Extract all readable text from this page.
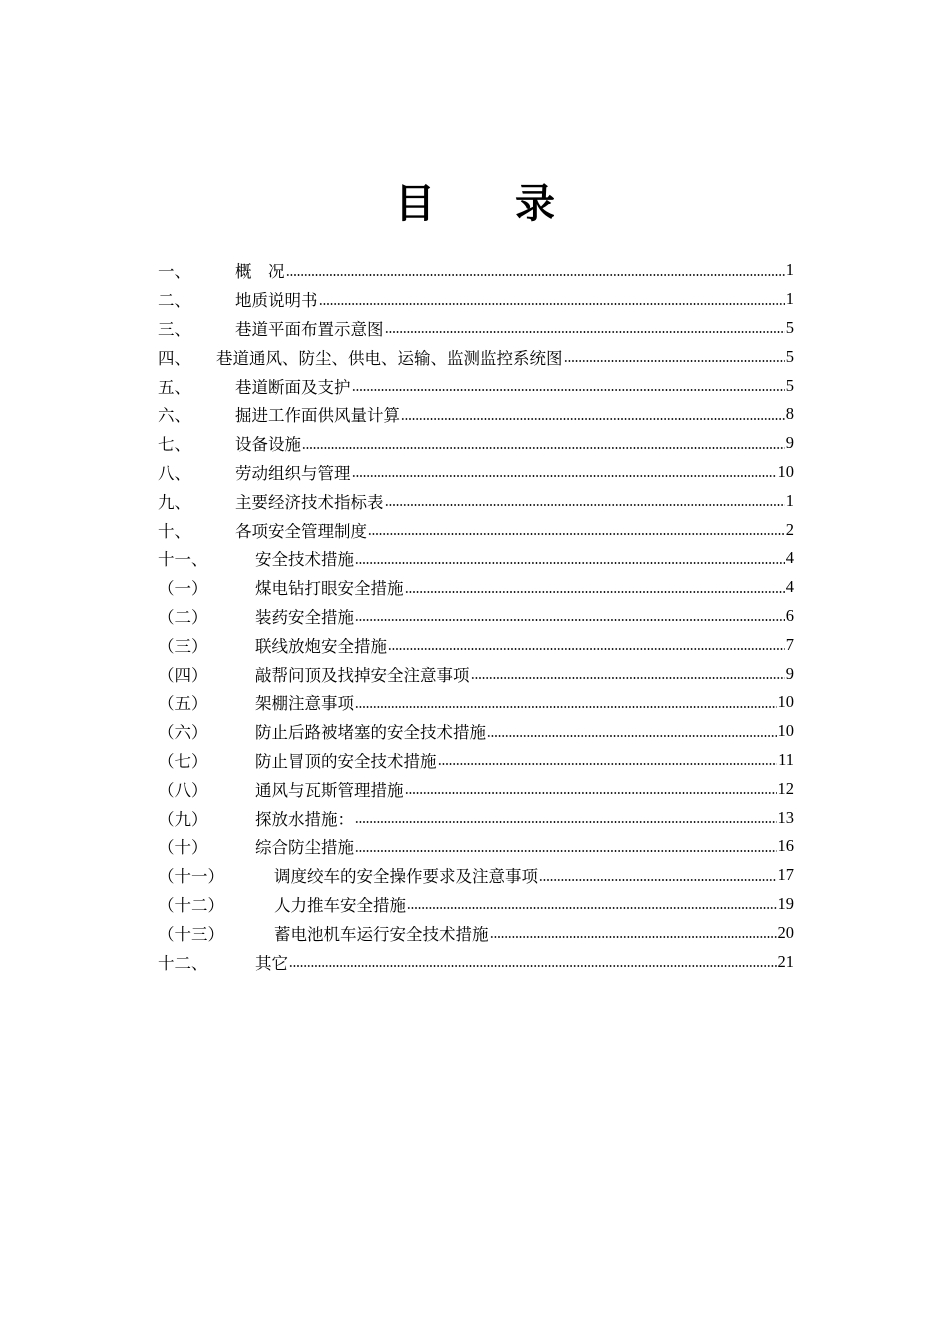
目 录
一、	概　况	1
二、	地质说明书	1
三、	巷道平面布置示意图	5
四、	巷道通风、防尘、供电、运输、监测监控系统图	5
五、	巷道断面及支护	5
六、	掘进工作面供风量计算	8
七、	设备设施	9
八、	劳动组织与管理	10
九、	主要经济技术指标表	1
十、	各项安全管理制度	2
十一、	安全技术措施	4
（一）	煤电钻打眼安全措施	4
（二）	装药安全措施	6
（三）	联线放炮安全措施	7
（四）	敲帮问顶及找掉安全注意事项	9
（五）	架棚注意事项	10
（六）	防止后路被堵塞的安全技术措施	10
（七）	防止冒顶的安全技术措施	11
（八）	通风与瓦斯管理措施	12
（九）	探放水措施：	13
（十）	综合防尘措施	16
（十一）	调度绞车的安全操作要求及注意事项	17
（十二）	人力推车安全措施	19
（十三）	蓄电池机车运行安全技术措施	20
十二、	其它	21
